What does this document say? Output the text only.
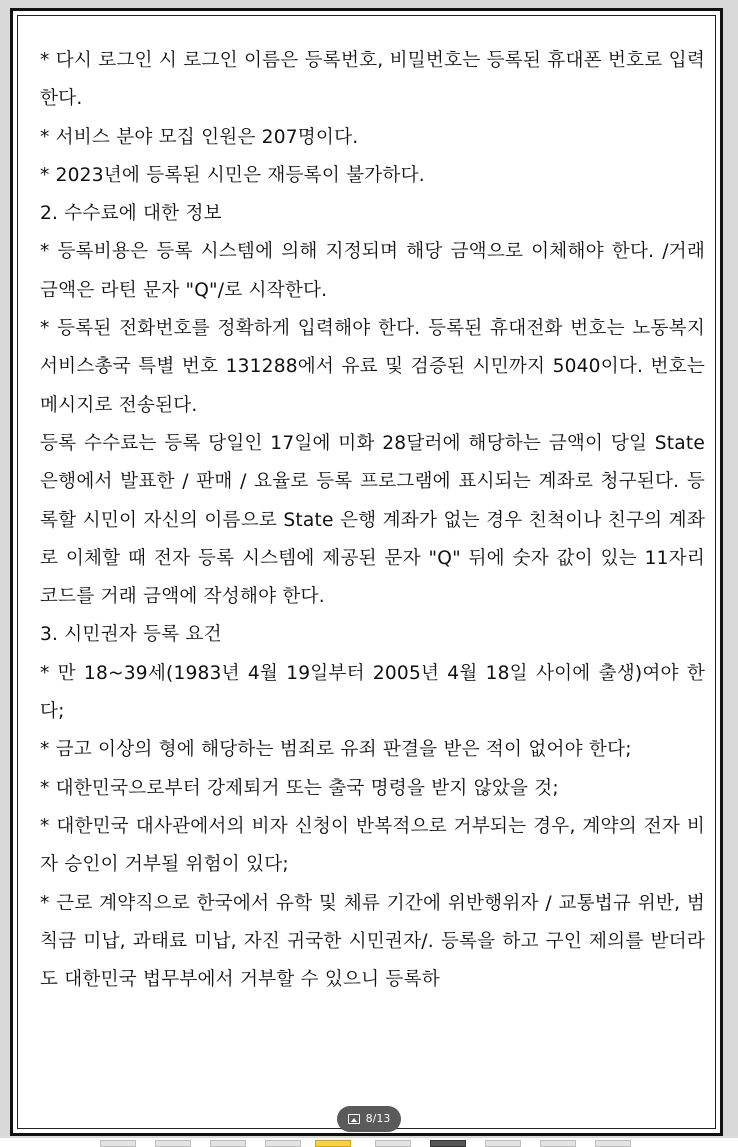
* 다시 로그인 시 로그인 이름은 등록번호, 비밀번호는 등록된 휴대폰 번호로 입력한다.

* 서비스 분야 모집 인원은 207명이다.

* 2023년에 등록된 시민은 재등록이 불가하다.

2. 수수료에 대한 정보

* 등록비용은 등록 시스템에 의해 지정되며 해당 금액으로 이체해야 한다. /거래 금액은 라틴 문자 "Q"/로 시작한다.

* 등록된 전화번호를 정확하게 입력해야 한다. 등록된 휴대전화 번호는 노동복지서비스총국 특별 번호 131288에서 유료 및 검증된 시민까지 5040이다. 번호는 메시지로 전송된다.

등록 수수료는 등록 당일인 17일에 미화 28달러에 해당하는 금액이 당일 State 은행에서 발표한 / 판매 / 요율로 등록 프로그램에 표시되는 계좌로 청구된다. 등록할 시민이 자신의 이름으로 State 은행 계좌가 없는 경우 친척이나 친구의 계좌로 이체할 때 전자 등록 시스템에 제공된 문자 "Q" 뒤에 숫자 값이 있는 11자리 코드를 거래 금액에 작성해야 한다.

3. 시민권자 등록 요건

* 만 18~39세(1983년 4월 19일부터 2005년 4월 18일 사이에 출생)여야 한다;

* 금고 이상의 형에 해당하는 범죄로 유죄 판결을 받은 적이 없어야 한다;

* 대한민국으로부터 강제퇴거 또는 출국 명령을 받지 않았을 것;

* 대한민국 대사관에서의 비자 신청이 반복적으로 거부되는 경우, 계약의 전자 비자 승인이 거부될 위험이 있다;

* 근로 계약직으로 한국에서 유학 및 체류 기간에 위반행위자 / 교통법규 위반, 범칙금 미납, 과태료 미납, 자진 귀국한 시민권자/. 등록을 하고 구인 제의를 받더라도 대한민국 법무부에서 거부할 수 있으니 등록하

8/13
